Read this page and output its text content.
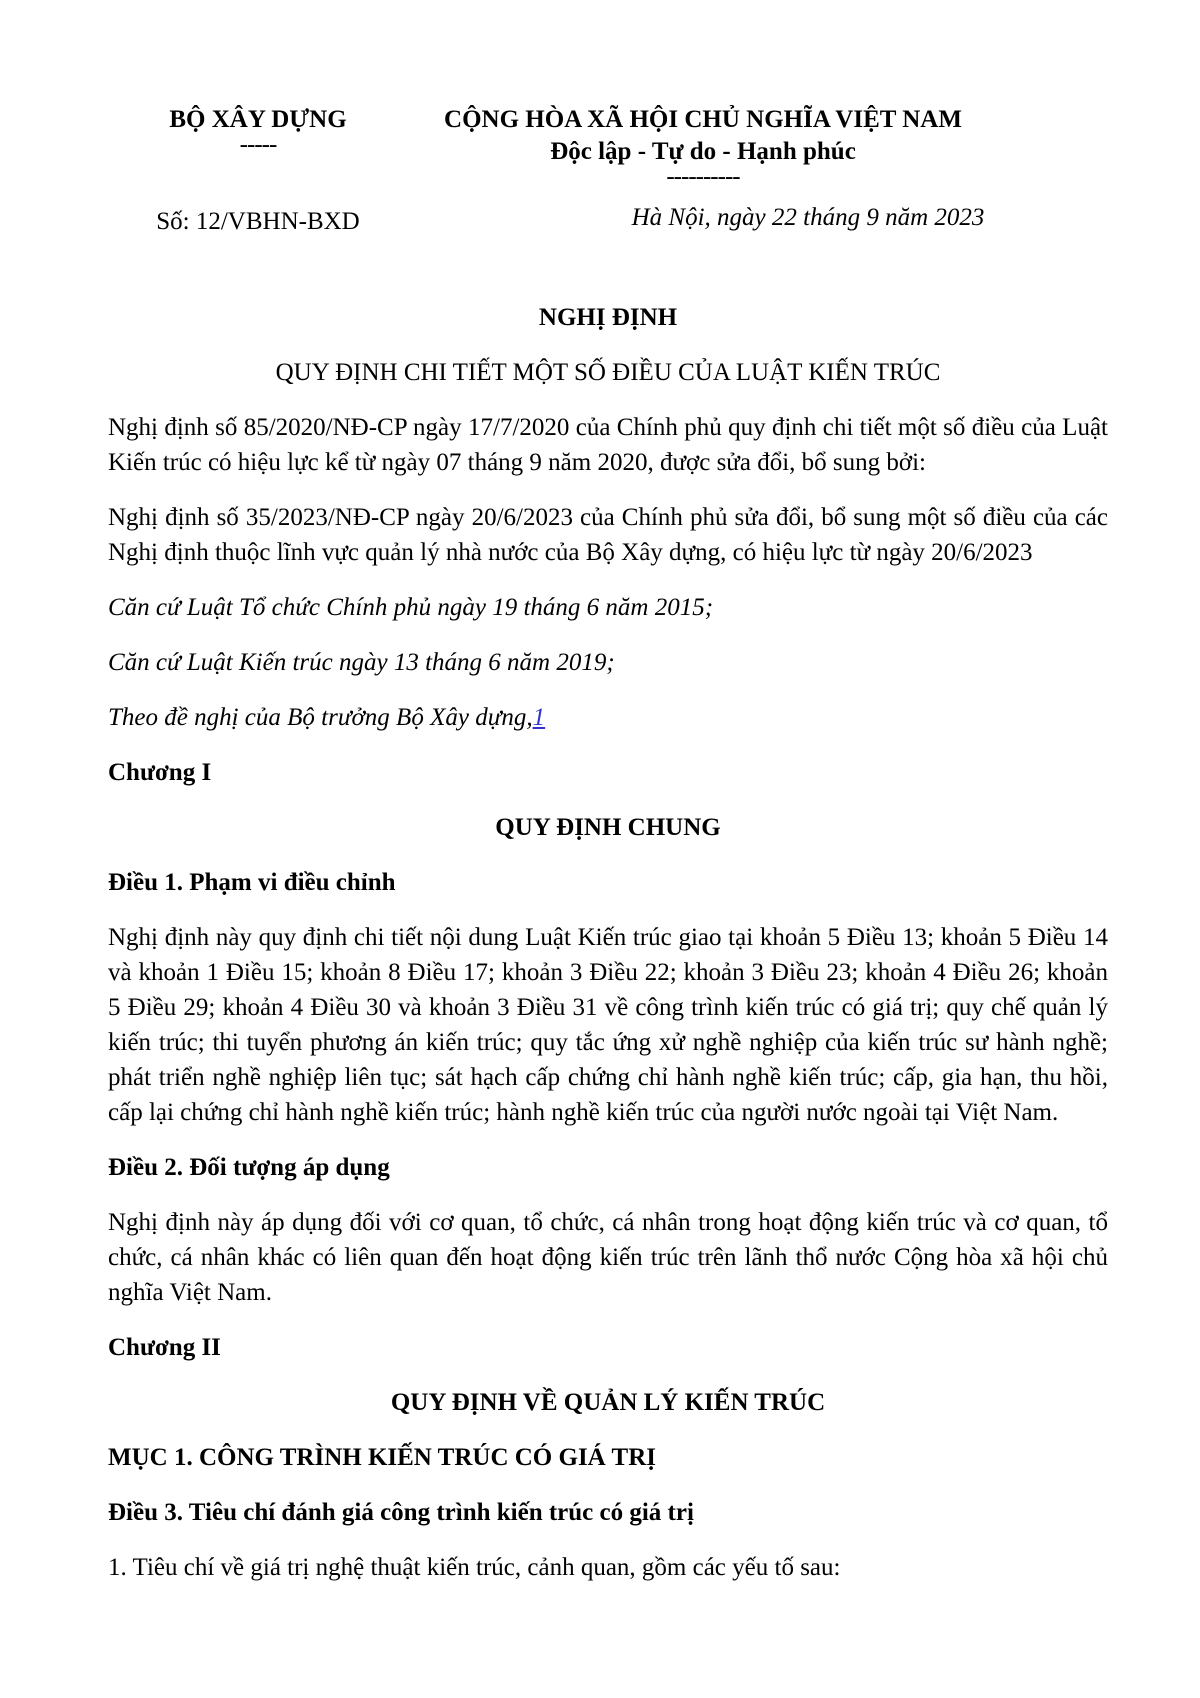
BỘ XÂY DỰNG
-----
Số: 12/VBHN-BXD
CỘNG HÒA XÃ HỘI CHỦ NGHĨA VIỆT NAM
Độc lập - Tự do - Hạnh phúc
----------
Hà Nội, ngày 22 tháng 9 năm 2023
NGHỊ ĐỊNH
QUY ĐỊNH CHI TIẾT MỘT SỐ ĐIỀU CỦA LUẬT KIẾN TRÚC

Nghị định số 85/2020/NĐ-CP ngày 17/7/2020 của Chính phủ quy định chi tiết một số điều của Luật Kiến trúc có hiệu lực kể từ ngày 07 tháng 9 năm 2020, được sửa đổi, bổ sung bởi:

Nghị định số 35/2023/NĐ-CP ngày 20/6/2023 của Chính phủ sửa đổi, bổ sung một số điều của các Nghị định thuộc lĩnh vực quản lý nhà nước của Bộ Xây dựng, có hiệu lực từ ngày 20/6/2023

Căn cứ Luật Tổ chức Chính phủ ngày 19 tháng 6 năm 2015;

Căn cứ Luật Kiến trúc ngày 13 tháng 6 năm 2019;

Theo đề nghị của Bộ trưởng Bộ Xây dựng,1

Chương I

QUY ĐỊNH CHUNG

Điều 1. Phạm vi điều chỉnh

Nghị định này quy định chi tiết nội dung Luật Kiến trúc giao tại khoản 5 Điều 13; khoản 5 Điều 14 và khoản 1 Điều 15; khoản 8 Điều 17; khoản 3 Điều 22; khoản 3 Điều 23; khoản 4 Điều 26; khoản 5 Điều 29; khoản 4 Điều 30 và khoản 3 Điều 31 về công trình kiến trúc có giá trị; quy chế quản lý kiến trúc; thi tuyển phương án kiến trúc; quy tắc ứng xử nghề nghiệp của kiến trúc sư hành nghề; phát triển nghề nghiệp liên tục; sát hạch cấp chứng chỉ hành nghề kiến trúc; cấp, gia hạn, thu hồi, cấp lại chứng chỉ hành nghề kiến trúc; hành nghề kiến trúc của người nước ngoài tại Việt Nam.

Điều 2. Đối tượng áp dụng

Nghị định này áp dụng đối với cơ quan, tổ chức, cá nhân trong hoạt động kiến trúc và cơ quan, tổ chức, cá nhân khác có liên quan đến hoạt động kiến trúc trên lãnh thổ nước Cộng hòa xã hội chủ nghĩa Việt Nam.

Chương II

QUY ĐỊNH VỀ QUẢN LÝ KIẾN TRÚC

MỤC 1. CÔNG TRÌNH KIẾN TRÚC CÓ GIÁ TRỊ

Điều 3. Tiêu chí đánh giá công trình kiến trúc có giá trị

1. Tiêu chí về giá trị nghệ thuật kiến trúc, cảnh quan, gồm các yếu tố sau:
